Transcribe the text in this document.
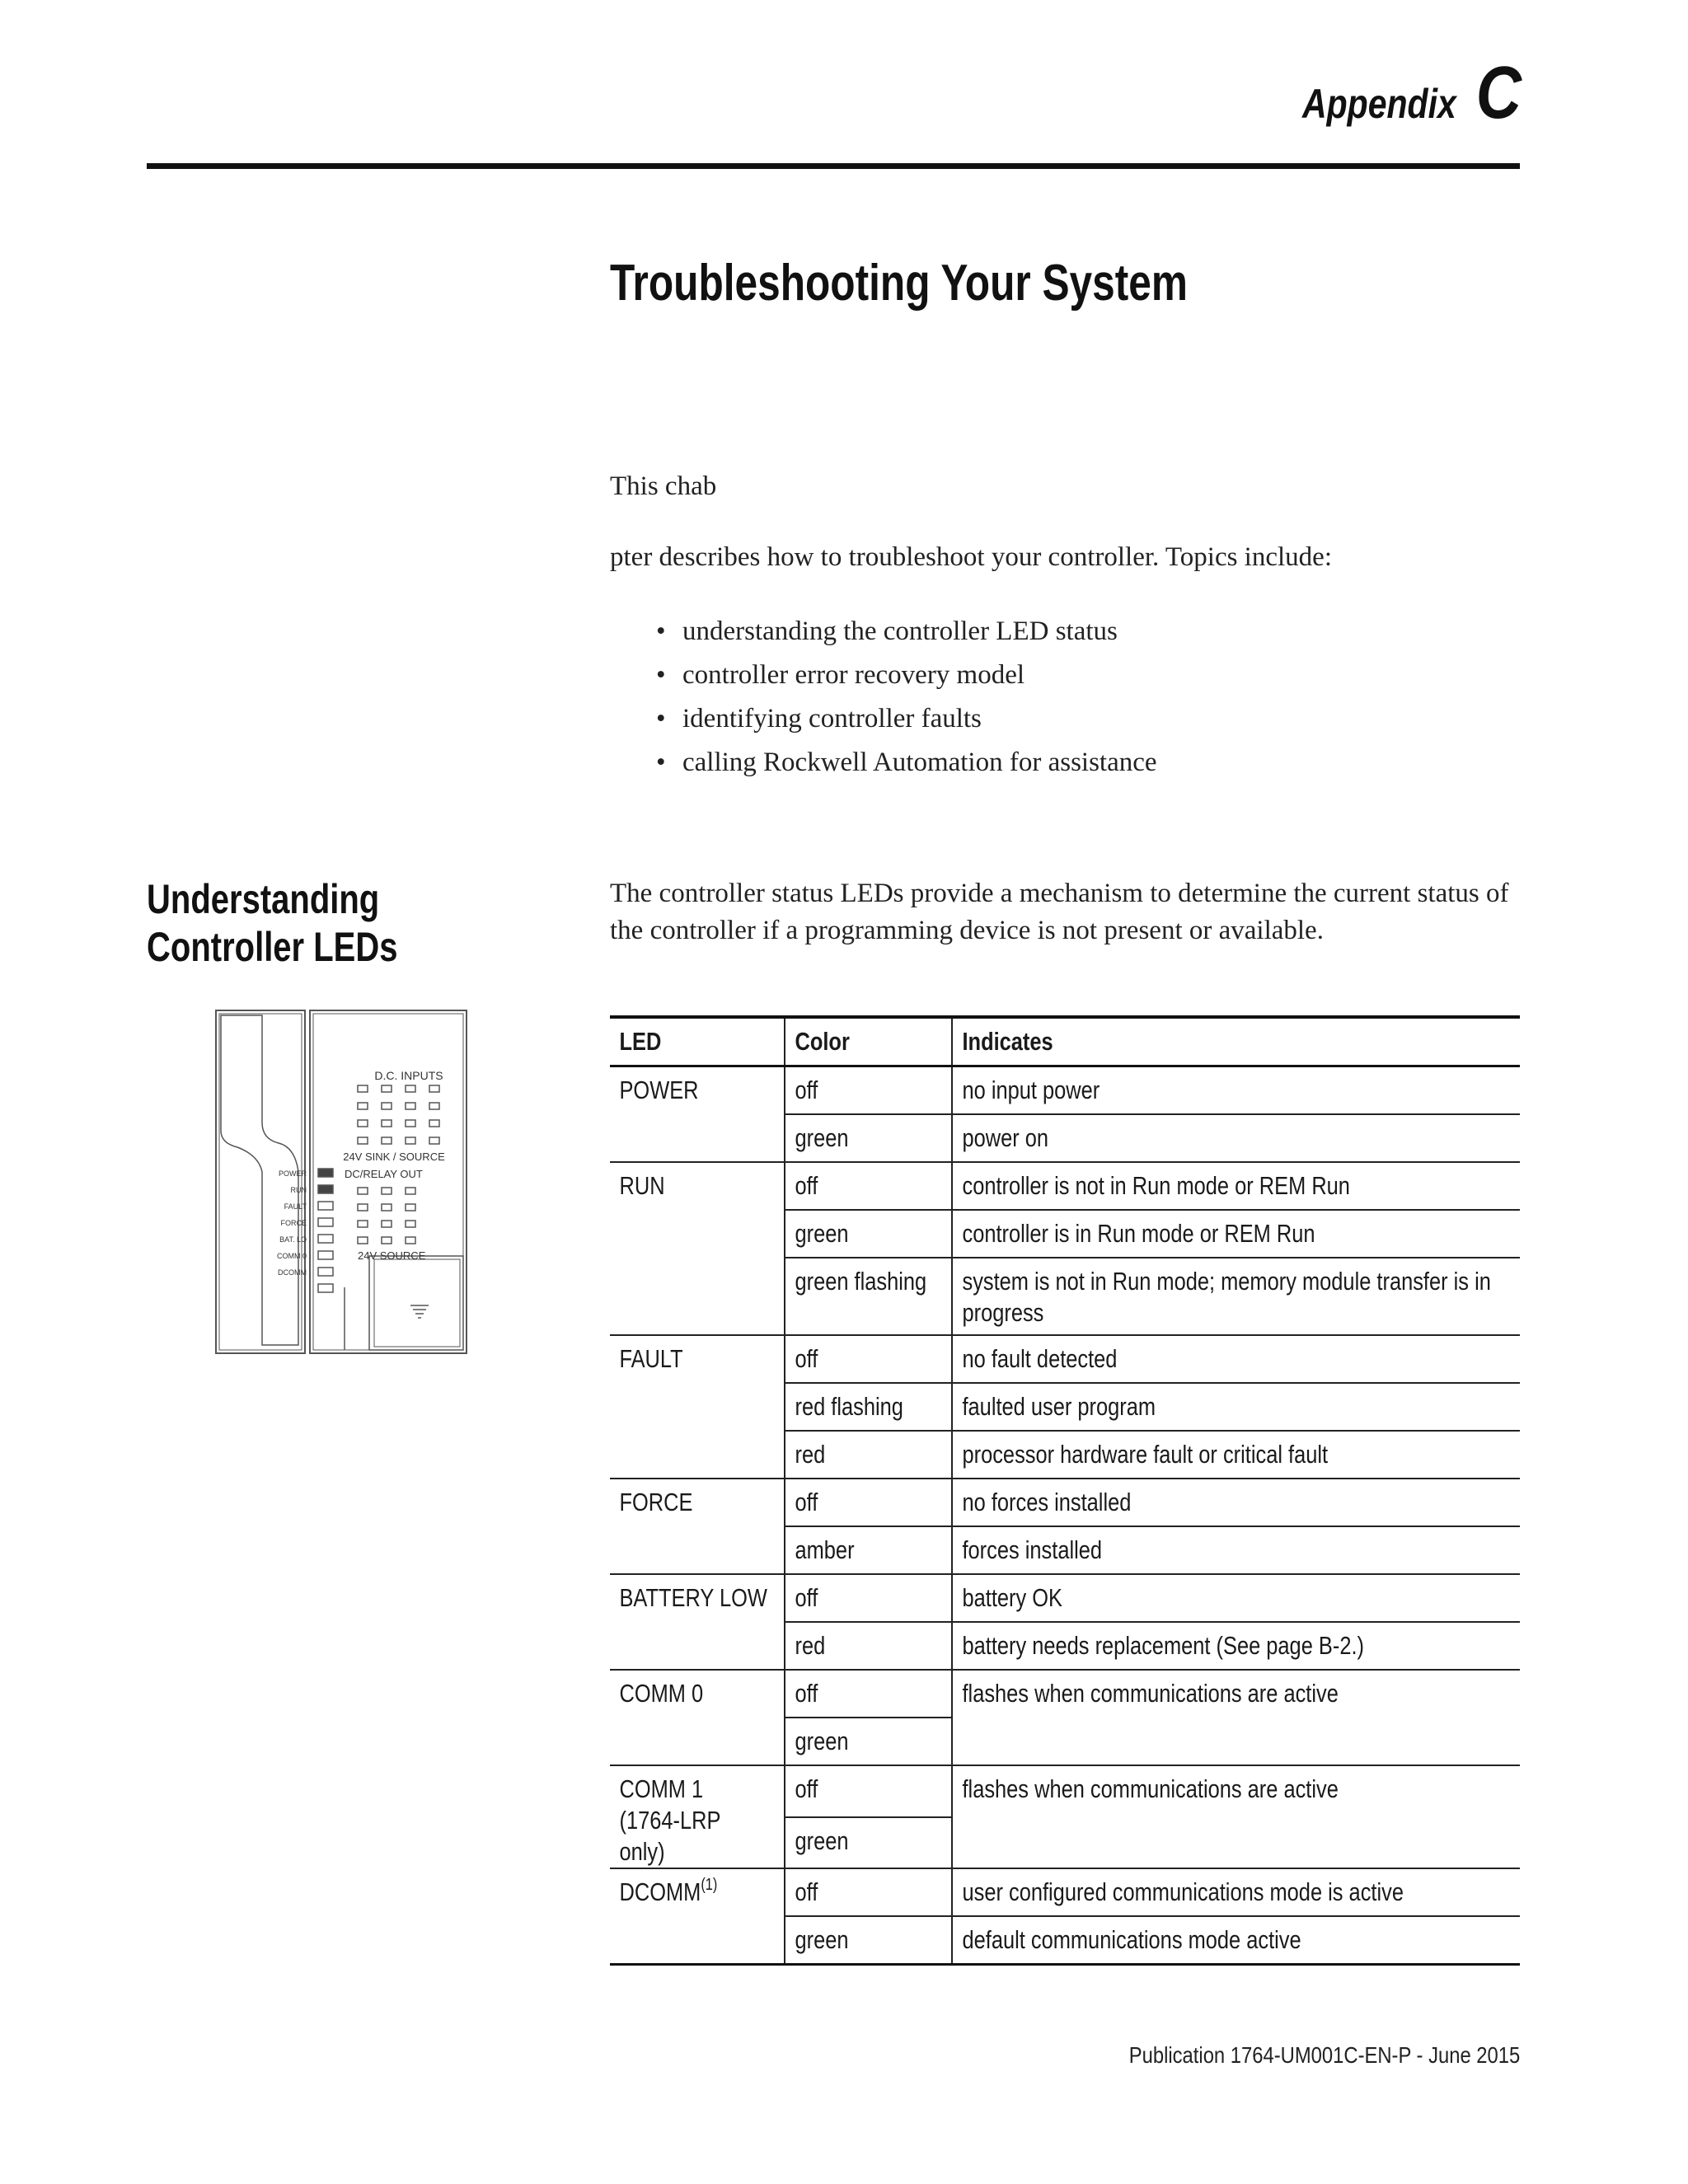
Appendix C
Troubleshooting Your System
This chab
pter describes how to troubleshoot your controller. Topics include:
• understanding the controller LED status
• controller error recovery model
• identifying controller faults
• calling Rockwell Automation for assistance
Understanding Controller LEDs
The controller status LEDs provide a mechanism to determine the current status of the controller if a programming device is not present or available.
D.C. INPUTS
24V SINK / SOURCE
DC/RELAY OUT
24V SOURCE
POWER
RUN
FAULT
FORCE
BAT. LO
COMM 0
DCOMM
LED	Color	Indicates

POWER	off	no input power

	green	power on

RUN	off	controller is not in Run mode or REM Run

	green	controller is in Run mode or REM Run

	green flashing	system is not in Run mode; memory module transfer is in progress

FAULT	off	no fault detected

	red flashing	faulted user program

	red	processor hardware fault or critical fault

FORCE	off	no forces installed

	amber	forces installed

BATTERY LOW	off	battery OK

	red	battery needs replacement (See page B-2.)

COMM 0	off	flashes when communications are active

	green	

COMM 1
(1764-LRP only)	off	flashes when communications are active

	green	

DCOMM$^{(1)}$	off	user configured communications mode is active

	green	default communications mode active
Publication 1764-UM001C-EN-P - June 2015
